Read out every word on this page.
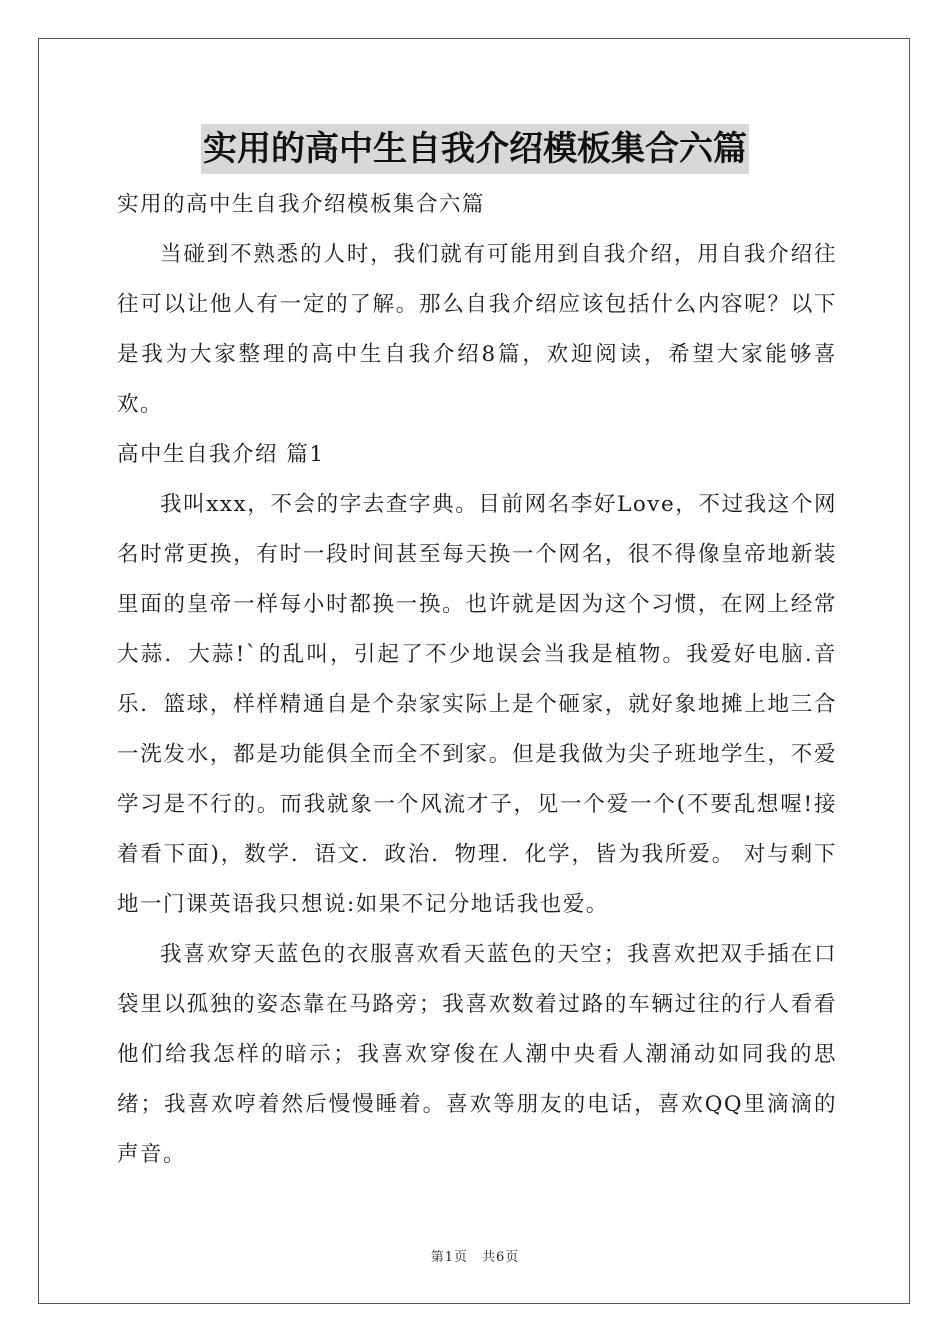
实用的高中生自我介绍模板集合六篇
实用的高中生自我介绍模板集合六篇

当碰到不熟悉的人时，我们就有可能用到自我介绍，用自我介绍往往可以让他人有一定的了解。那么自我介绍应该包括什么内容呢？以下是我为大家整理的高中生自我介绍8篇，欢迎阅读，希望大家能够喜欢。

高中生自我介绍 篇1

我叫xxx，不会的字去查字典。目前网名李好Love，不过我这个网名时常更换，有时一段时间甚至每天换一个网名，很不得像皇帝地新装里面的皇帝一样每小时都换一换。也许就是因为这个习惯，在网上经常大蒜．大蒜!`的乱叫，引起了不少地误会当我是植物。我爱好电脑.音乐．篮球，样样精通自是个杂家实际上是个砸家，就好象地摊上地三合一洗发水，都是功能俱全而全不到家。但是我做为尖子班地学生，不爱学习是不行的。而我就象一个风流才子，见一个爱一个(不要乱想喔!接着看下面)，数学．语文．政治．物理．化学，皆为我所爱。 对与剩下地一门课英语我只想说:如果不记分地话我也爱。

我喜欢穿天蓝色的衣服喜欢看天蓝色的天空；我喜欢把双手插在口袋里以孤独的姿态靠在马路旁；我喜欢数着过路的车辆过往的行人看看他们给我怎样的暗示；我喜欢穿俊在人潮中央看人潮涌动如同我的思绪；我喜欢哼着然后慢慢睡着。喜欢等朋友的电话，喜欢QQ里滴滴的声音。

第1页 共6页
